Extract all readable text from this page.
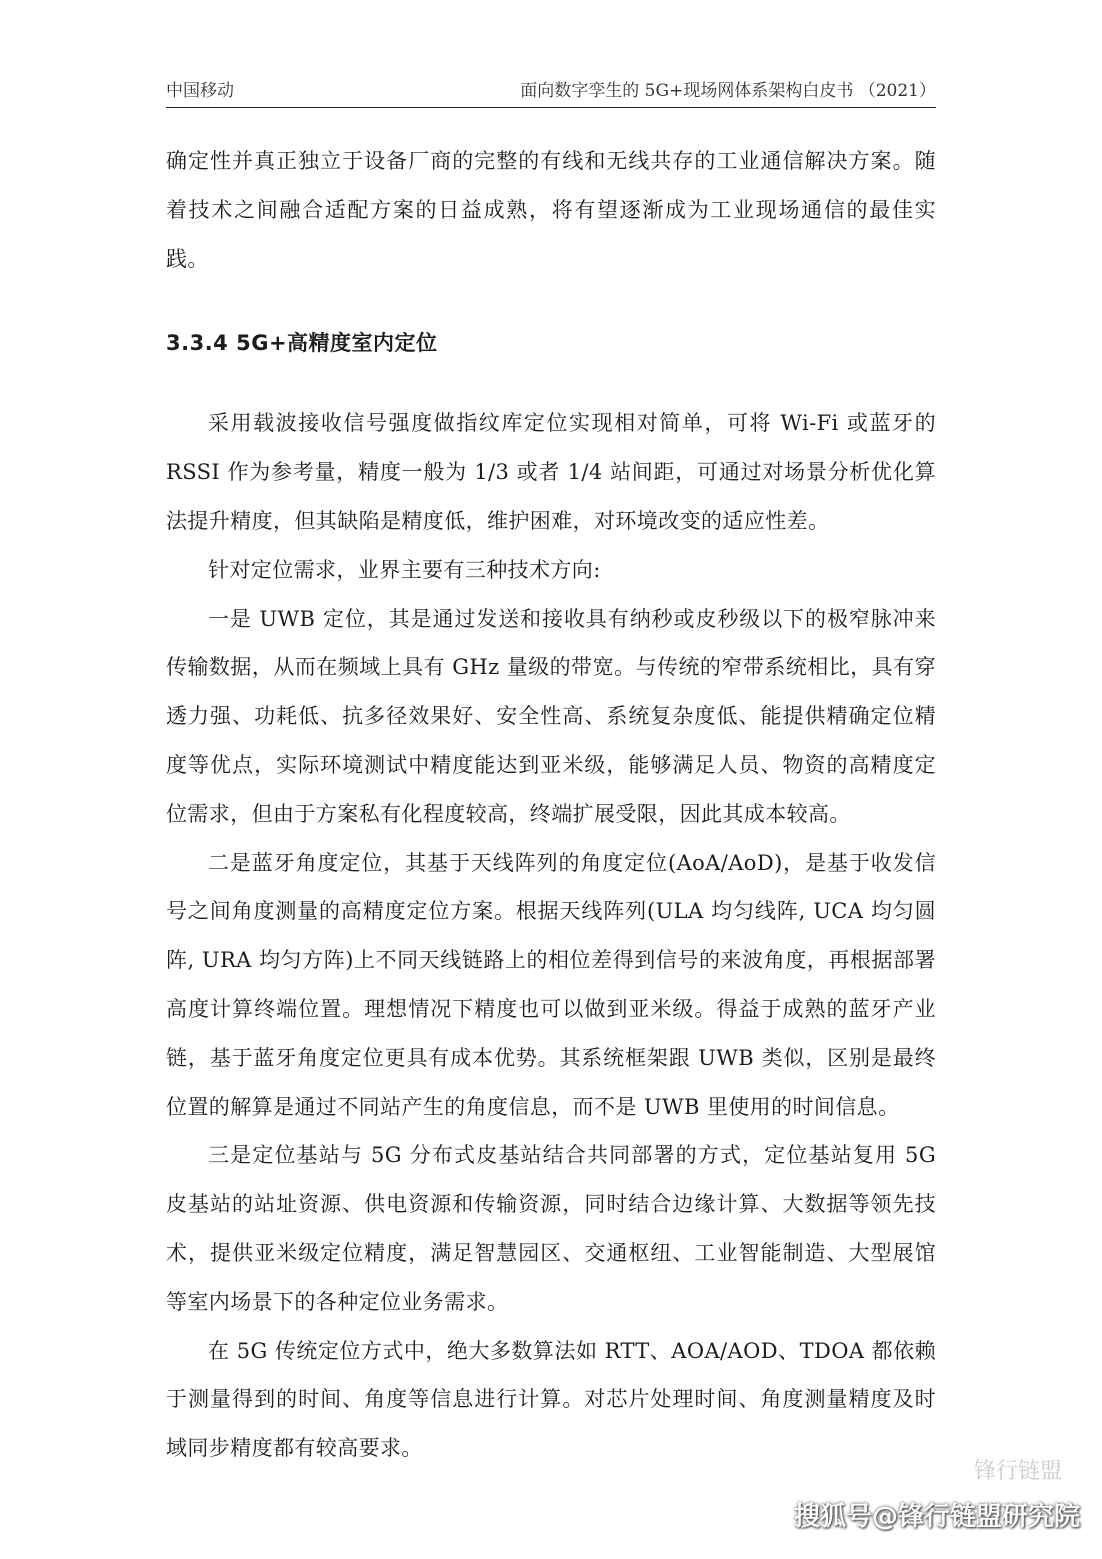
中国移动	面向数字孪生的 5G+现场网体系架构白皮书 （2021）

确定性并真正独立于设备厂商的完整的有线和无线共存的工业通信解决方案。随着技术之间融合适配方案的日益成熟，将有望逐渐成为工业现场通信的最佳实践。

3.3.4 5G+高精度室内定位

采用载波接收信号强度做指纹库定位实现相对简单，可将 Wi-Fi 或蓝牙的 RSSI 作为参考量，精度一般为 1/3 或者 1/4 站间距，可通过对场景分析优化算法提升精度，但其缺陷是精度低，维护困难，对环境改变的适应性差。

针对定位需求，业界主要有三种技术方向:

一是 UWB 定位，其是通过发送和接收具有纳秒或皮秒级以下的极窄脉冲来传输数据，从而在频域上具有 GHz 量级的带宽。与传统的窄带系统相比，具有穿透力强、功耗低、抗多径效果好、安全性高、系统复杂度低、能提供精确定位精度等优点，实际环境测试中精度能达到亚米级，能够满足人员、物资的高精度定位需求，但由于方案私有化程度较高，终端扩展受限，因此其成本较高。

二是蓝牙角度定位，其基于天线阵列的角度定位(AoA/AoD)，是基于收发信号之间角度测量的高精度定位方案。根据天线阵列(ULA 均匀线阵, UCA 均匀圆阵, URA 均匀方阵)上不同天线链路上的相位差得到信号的来波角度，再根据部署高度计算终端位置。理想情况下精度也可以做到亚米级。得益于成熟的蓝牙产业链，基于蓝牙角度定位更具有成本优势。其系统框架跟 UWB 类似，区别是最终位置的解算是通过不同站产生的角度信息，而不是 UWB 里使用的时间信息。

三是定位基站与 5G 分布式皮基站结合共同部署的方式，定位基站复用 5G 皮基站的站址资源、供电资源和传输资源，同时结合边缘计算、大数据等领先技术，提供亚米级定位精度，满足智慧园区、交通枢纽、工业智能制造、大型展馆等室内场景下的各种定位业务需求。

在 5G 传统定位方式中，绝大多数算法如 RTT、AOA/AOD、TDOA 都依赖于测量得到的时间、角度等信息进行计算。对芯片处理时间、角度测量精度及时域同步精度都有较高要求。

锋行链盟
搜狐号@锋行链盟研究院
